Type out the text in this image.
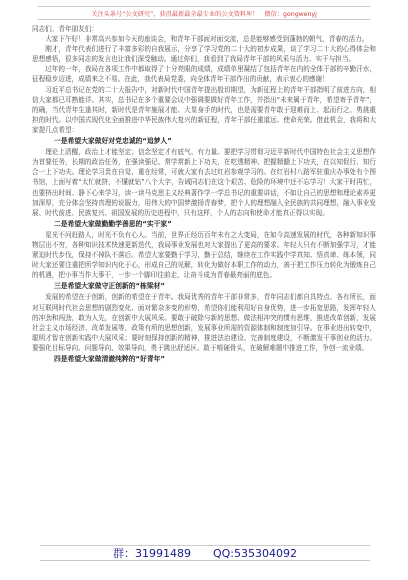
关注头条号“公文研究”，获得最新最全最专业的公文资料库！ 微信：gongwenyj

同志们、青年朋友们：

大家下午好！非常高兴参加今天的座谈会，和青年干部面对面交流，总是能够感受到蓬勃的朝气，青春的活力。

刚才，青年代表们进行了丰富多彩的自我展示，分享了学习党的二十大的初步成果，谈了学习二十大的心得体会和思想感悟，很多同志的发言也让我们深受触动。通过你们，我看到了我局青年干部的风采与活力、实干与担当。

过年的一年，我局在各项工作中都取得了十分亮眼的成绩，成绩单里凝结了包括青年在内的全体干部的辛勤汗水，征程稳步迈进，成绩来之不易。在此，我代表局党委，向全体青年干部作出的贡献，表示衷心的感谢！

习近平总书记在党的二十大报告中，对新时代中国青年提出殷切期望，为新征程上的青年干部指明了前进方向，相信大家都已耳熟能详。其实，总书记在多个重要会议中强调要做好青年工作，并指出“未来属于青年，希望寄予青年”，的确，当代青年生逢其时，新时代是青年施展才能、大显身手的时代，也是需要青年敢于迎难而上、起而行之、勇挑重担的时代。以中国式现代化全面推进中华民族伟大复兴的新征程，青年干部任重道远、使命光荣。借此机会，我将和大家提几点希望：

一是希望大家做好对党忠诚的“追梦人”

理论上清醒，政治上才能坚定；信念坚定才有底气、有力量。要把学习贯彻习近平新时代中国特色社会主义思想作为首要任务，长期的政治任务，在强读强记、常学常新上下功夫，在吃透精神、把握精髓上下功夫，在以知促行、知行合一上下功夫。理论学习贵在自觉、重在经常，可就大家有去过红岩参观学习的。在红岩村八路军驻重庆办事处有个图书馆，上面写着“太忙就挤，不懂就钻”八个大字，告诫同志们在这个艰苦、危险的环境中还不忘学习！大家干时再忙，也要挤出时间、静下心来学习，读一读马克思主义经典著作学一学总书记的重要讲话，不如让自己的思想和理论素养更加深厚，充分体会坚持真理的说服力，用伟大的中国梦激扬青春梦，把个人的理想融入全民族的共同理想，融入事业发展、时代前进、民族复兴、祖国发展的历史进程中，只有这样，个人的志向和使命才能真正得以实现。

二是希望大家做勤勤学善思的“实干家”

星光不问赶路人，时光不负有心人。当前，世界正经历百年未有之大变局，在如今高速发展的时代，各种新知识事物层出不穷，各种知识技术快速更新迭代，我局事业发展也对大家提出了更高的要求。年轻人只有不断加强学习，才能紧迫时代步伐，保持不掉队不落后。希望大家要勤于学习，勤于总结，继续在工作实践中学真知、悟真谛、练本领，同时大家还要注重把所学知识内化于心，形成自己的见解，转化为做好本职工作的动力，善于把工作压力转化为锻炼自己的机遇，把小事当作大事干，一步一个脚印往前走，让奋斗成为青春最亮丽的底色。

三是希望大家做守正创新的“栋梁材”

发展的希望在于创新，创新的希望在于青年。我局优秀的青年干部非常多，青年同志们都自具特点、各有所长，面对互联网时代社会思想的剧烈变化、面对繁杂多变的形势，希望你们能利用好自身优势，进一步拓宽思路，发挥年轻人的冲劲和闯劲，敢为人先，在创新中大展风采。要敢于破除与新的思想、做法相冲突的惯有思维，推进改革创新，发展社会主义市场经济、改革发展等，政策有所的思想创新，发展事业所需的资源体制和制度加引导。在事业进出转变中，聪明才智在创新实践中大展风采；要时刻保持创新的精神，推进法治建设、完善制度建设，不断激发干事创业的活力。要强化目标导向、问题导向、效果导向，勇于跳出舒适区、敢于啃硬骨头，在破解难题中推进工作，争创一流业绩。

四是希望大家做清澈纯粹的“好青年”

群：31991489 QQ:535304092
